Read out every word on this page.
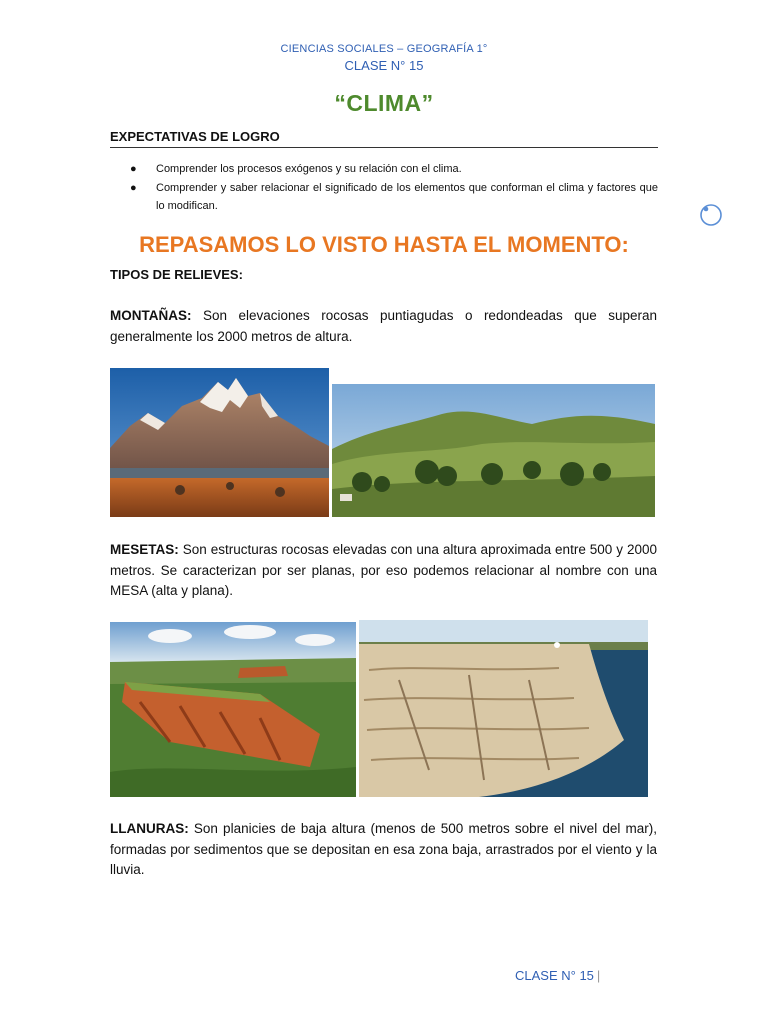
CIENCIAS SOCIALES – GEOGRAFÍA 1°
CLASE N° 15
“CLIMA”
EXPECTATIVAS DE LOGRO
● Comprender los procesos exógenos y su relación con el clima.
● Comprender y saber relacionar el significado de los elementos que conforman el clima y factores que lo modifican.
REPASAMOS LO VISTO HASTA EL MOMENTO:
TIPOS DE RELIEVES:

MONTAÑAS: Son elevaciones rocosas puntiagudas o redondeadas que superan generalmente los 2000 metros de altura.

MESETAS: Son estructuras rocosas elevadas con una altura aproximada entre 500 y 2000 metros. Se caracterizan por ser planas, por eso podemos relacionar al nombre con una MESA (alta y plana).

LLANURAS: Son planicies de baja altura (menos de 500 metros sobre el nivel del mar), formadas por sedimentos que se depositan en esa zona baja, arrastrados por el viento y la lluvia.

CLASE N° 15 |
